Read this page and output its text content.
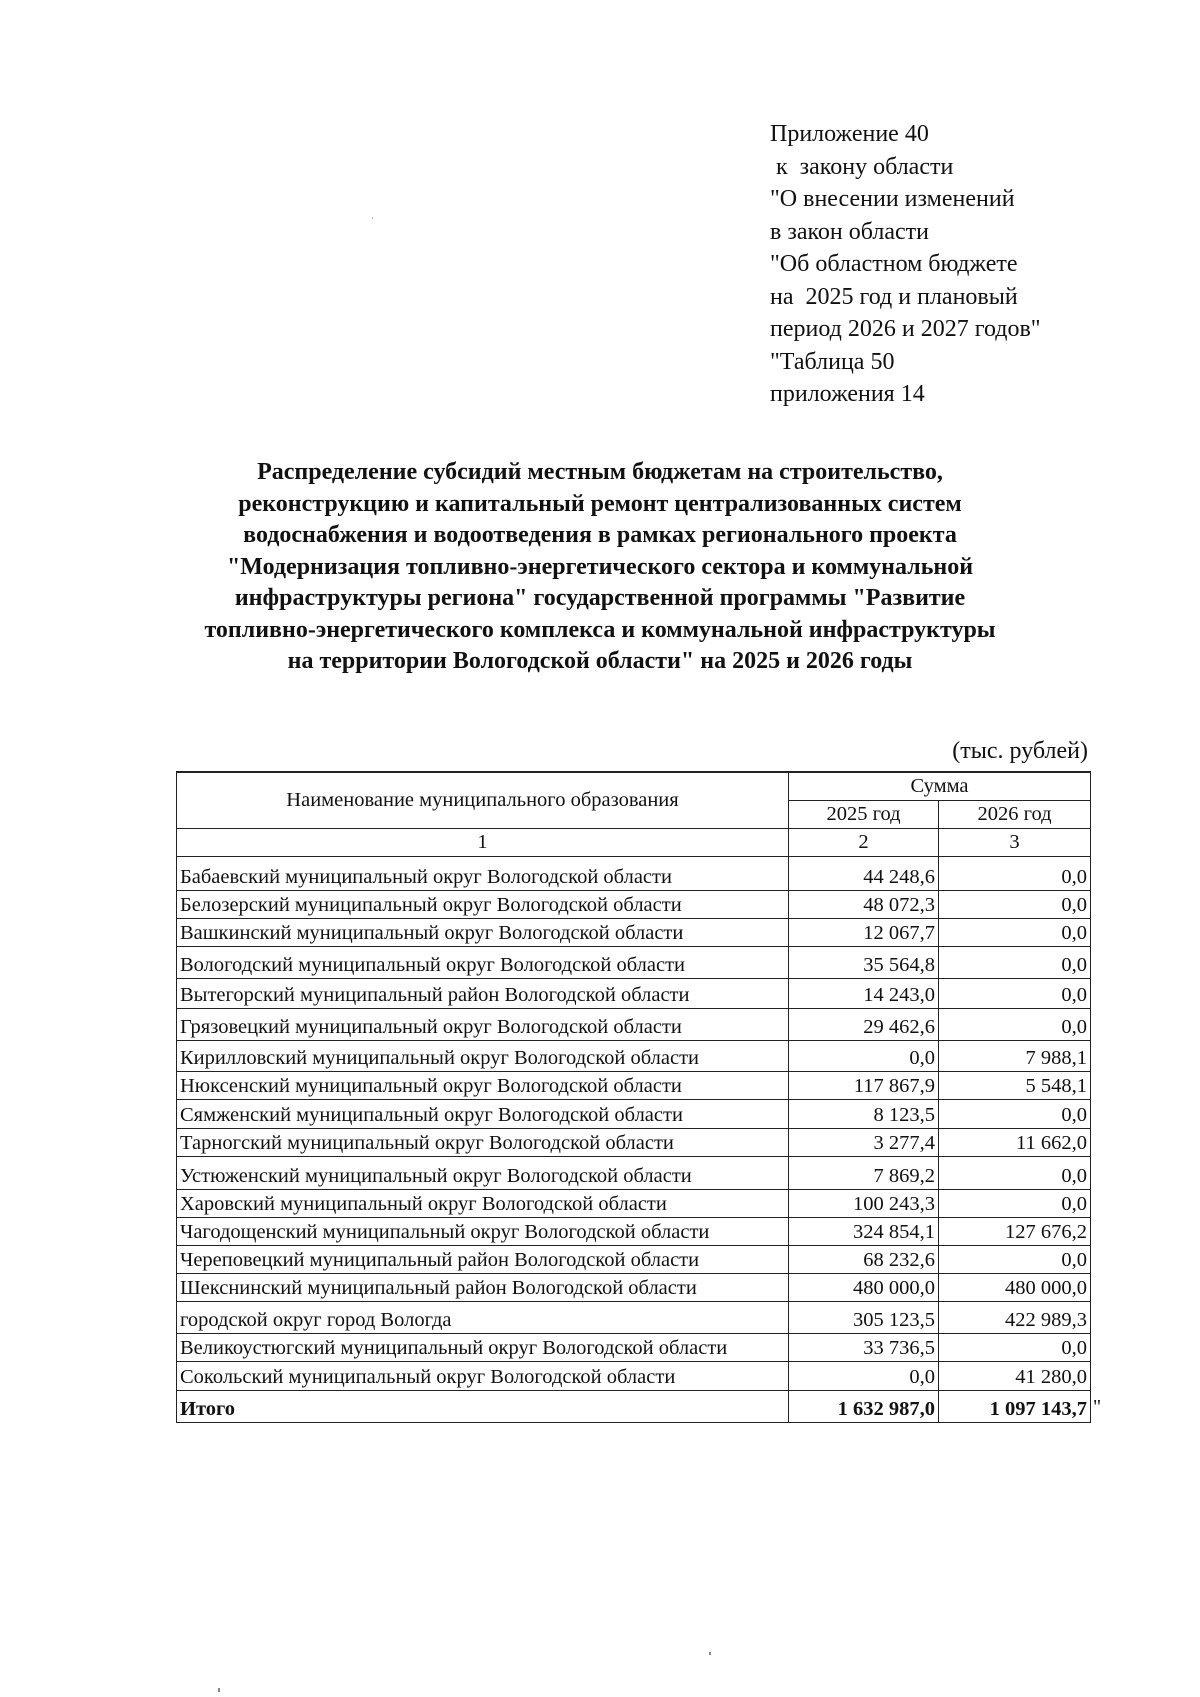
Приложение 40
к  закону области
"О внесении изменений
в закон области
"Об областном бюджете
на  2025 год и плановый
период 2026 и 2027 годов"
"Таблица 50
приложения 14
Распределение субсидий местным бюджетам на строительство,
реконструкцию и капитальный ремонт централизованных систем
водоснабжения и водоотведения в рамках регионального проекта
"Модернизация топливно-энергетического сектора и коммунальной
инфраструктуры региона" государственной программы "Развитие
топливно-энергетического комплекса и коммунальной инфраструктуры
на территории Вологодской области" на 2025 и 2026 годы
(тыс. рублей)
Наименование муниципального образования	Сумма	
	2025 год	2026 год
1	2	3
Бабаевский муниципальный округ Вологодской области	44 248,6	0,0
Белозерский муниципальный округ Вологодской области	48 072,3	0,0
Вашкинский муниципальный округ Вологодской области	12 067,7	0,0
Вологодский муниципальный округ Вологодской области	35 564,8	0,0
Вытегорский муниципальный район Вологодской области	14 243,0	0,0
Грязовецкий муниципальный округ Вологодской области	29 462,6	0,0
Кирилловский муниципальный округ Вологодской области	0,0	7 988,1
Нюксенский муниципальный округ Вологодской области	117 867,9	5 548,1
Сямженский муниципальный округ Вологодской области	8 123,5	0,0
Тарногский муниципальный округ Вологодской области	3 277,4	11 662,0
Устюженский муниципальный округ Вологодской области	7 869,2	0,0
Харовский муниципальный округ Вологодской области	100 243,3	0,0
Чагодощенский муниципальный округ Вологодской области	324 854,1	127 676,2
Череповецкий муниципальный район Вологодской области	68 232,6	0,0
Шекснинский муниципальный район Вологодской области	480 000,0	480 000,0
городской округ город Вологда	305 123,5	422 989,3
Великоустюгский муниципальный округ Вологодской области	33 736,5	0,0
Сокольский муниципальный округ Вологодской области	0,0	41 280,0
Итого	1 632 987,0	1 097 143,7 "
